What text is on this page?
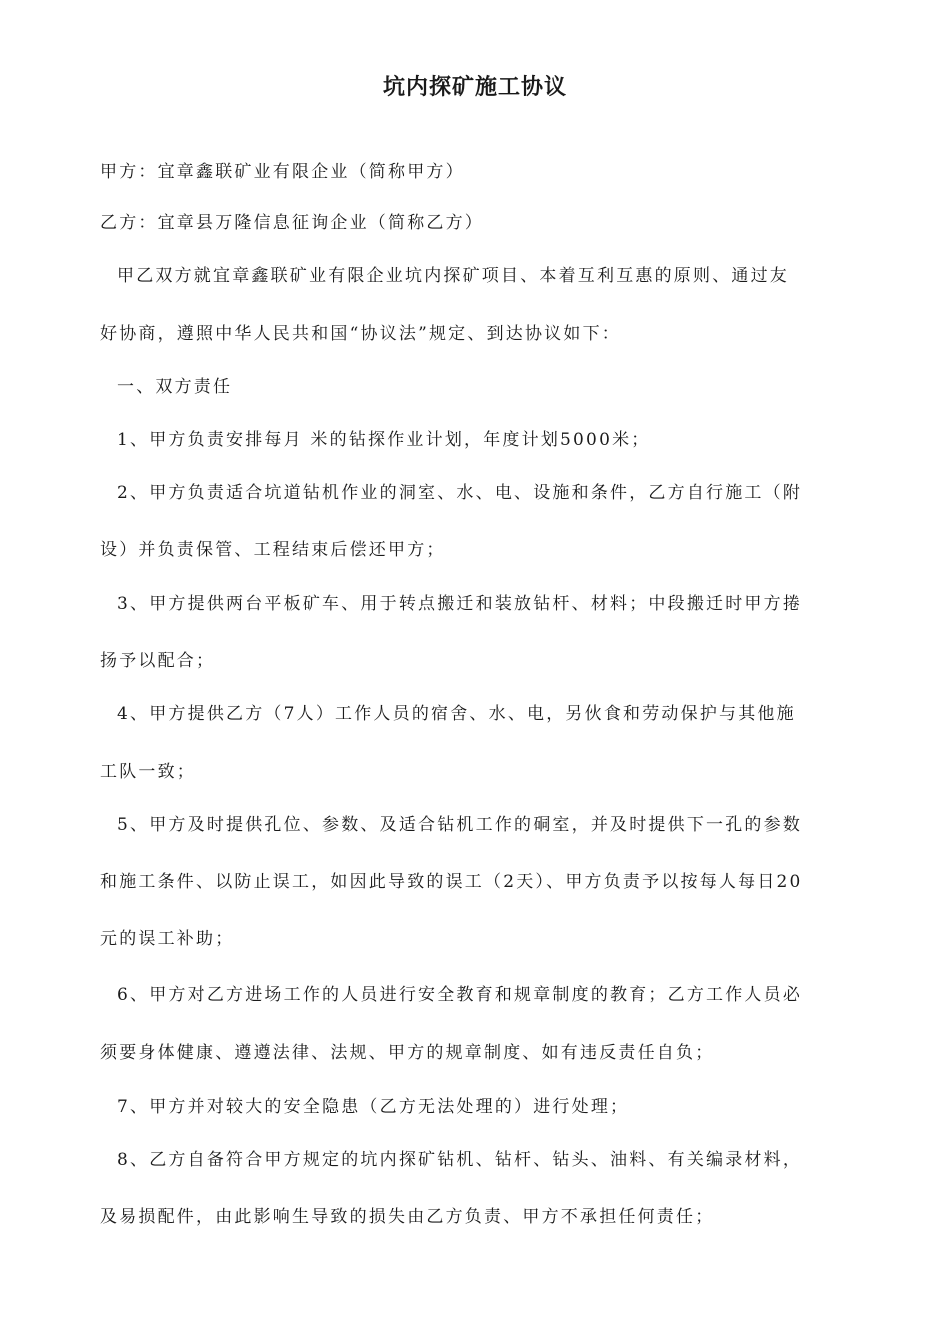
坑内探矿施工协议
甲方：宜章鑫联矿业有限企业（简称甲方）
乙方：宜章县万隆信息征询企业（简称乙方）
甲乙双方就宜章鑫联矿业有限企业坑内探矿项目、本着互利互惠的原则、通过友
好协商，遵照中华人民共和国“协议法”规定、到达协议如下：
一、双方责任
1、甲方负责安排每月 米的钻探作业计划，年度计划5000米；
2、甲方负责适合坑道钻机作业的洞室、水、电、设施和条件，乙方自行施工（附
设）并负责保管、工程结束后偿还甲方；
3、甲方提供两台平板矿车、用于转点搬迁和装放钻杆、材料；中段搬迁时甲方捲
扬予以配合；
4、甲方提供乙方（7人）工作人员的宿舍、水、电，另伙食和劳动保护与其他施
工队一致；
5、甲方及时提供孔位、参数、及适合钻机工作的硐室，并及时提供下一孔的参数
和施工条件、以防止误工，如因此导致的误工（2天）、甲方负责予以按每人每日20
元的误工补助；
6、甲方对乙方进场工作的人员进行安全教育和规章制度的教育；乙方工作人员必
须要身体健康、遵遵法律、法规、甲方的规章制度、如有违反责任自负；
7、甲方并对较大的安全隐患（乙方无法处理的）进行处理；
8、乙方自备符合甲方规定的坑内探矿钻机、钻杆、钻头、油料、有关编录材料，
及易损配件，由此影响生导致的损失由乙方负责、甲方不承担任何责任；
